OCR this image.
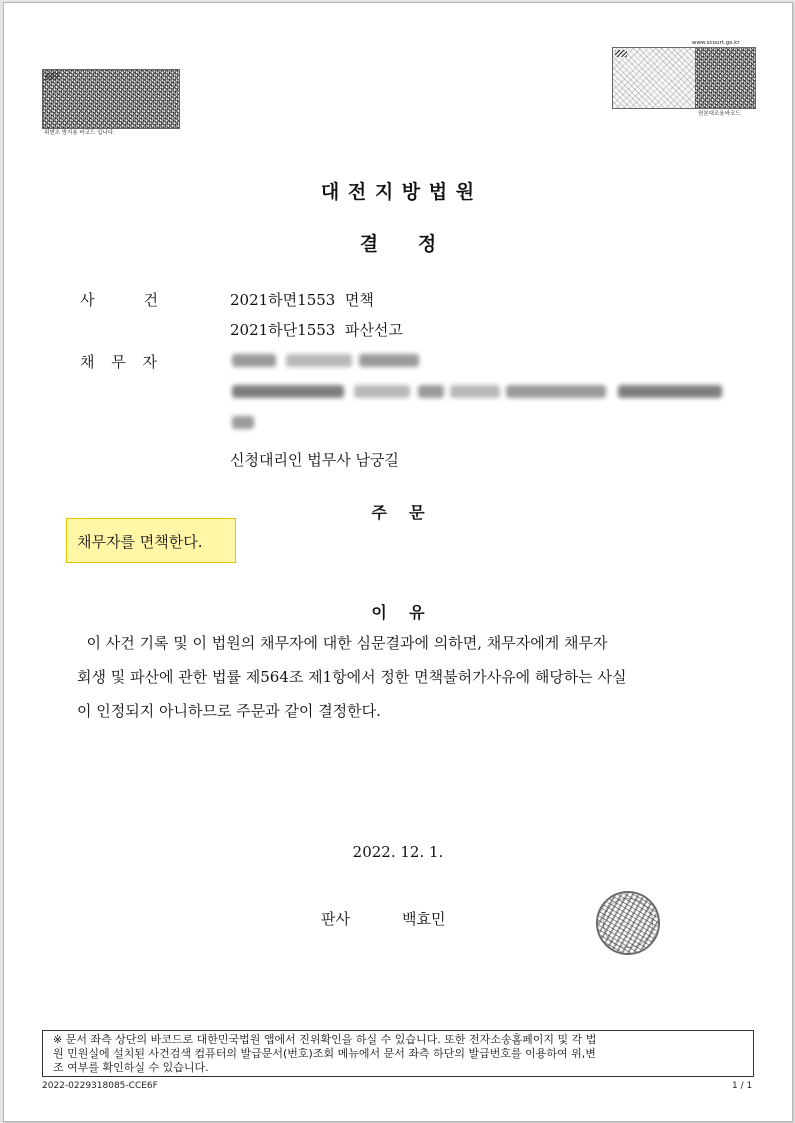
위변조 방지용 바코드 입니다.
www.scourt.go.kr
원본대조용바코드
대 전 지 방 법 원
결      정
사    건	2021하면1553  면책
2021하단1553  파산선고
채 무 자
신청대리인 법무사 남궁길
주    문
채무자를 면책한다.
이    유
이 사건 기록 및 이 법원의 채무자에 대한 심문결과에 의하면, 채무자에게 채무자
회생 및 파산에 관한 법률 제564조 제1항에서 정한 면책불허가사유에 해당하는 사실
이 인정되지 아니하므로 주문과 같이 결정한다.
2022. 12. 1.
판사	백효민
※ 문서 좌측 상단의 바코드로 대한민국법원 앱에서 진위확인을 하실 수 있습니다. 또한 전자소송홈페이지 및 각 법
원 민원실에 설치된 사건검색 컴퓨터의 발급문서(번호)조회 메뉴에서 문서 좌측 하단의 발급번호를 이용하여 위,변
조 여부를 확인하실 수 있습니다.
2022-0229318085-CCE6F	1 / 1
